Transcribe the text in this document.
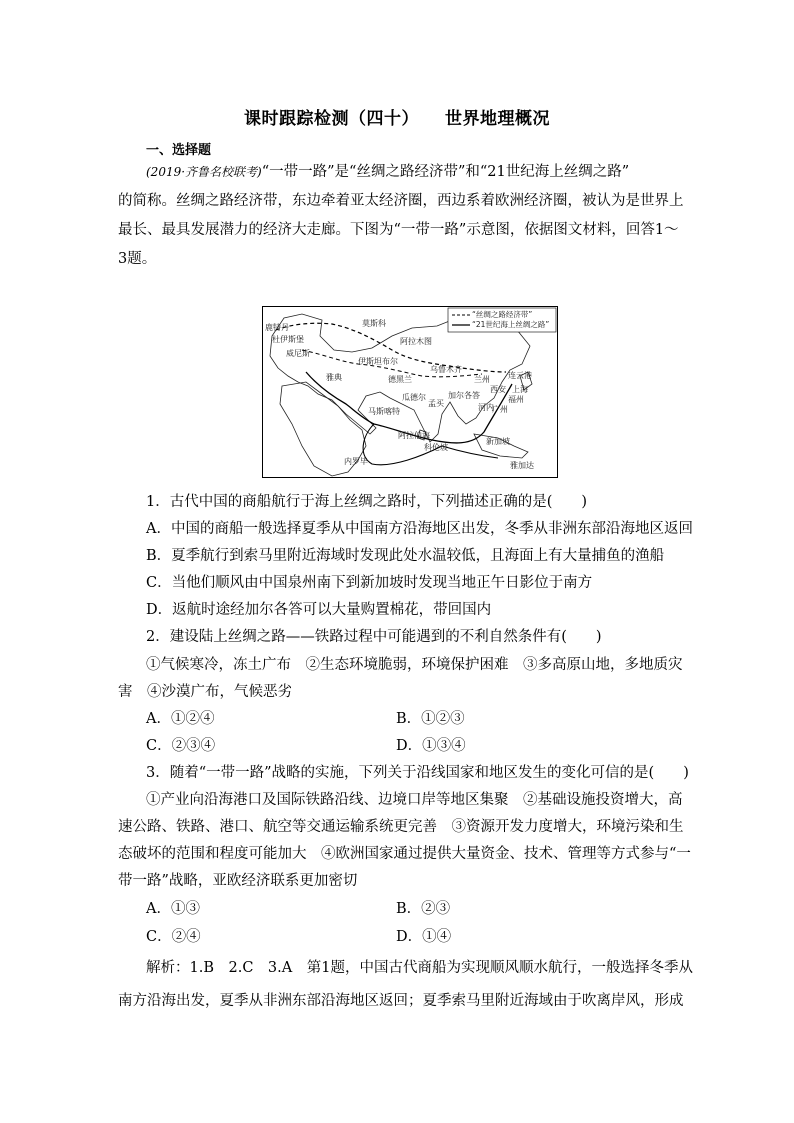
课时跟踪检测（四十） 世界地理概况
一、选择题
(2019·齐鲁名校联考)“一带一路”是“丝绸之路经济带”和“21世纪海上丝绸之路”
的简称。丝绸之路经济带，东边牵着亚太经济圈，西边系着欧洲经济圈，被认为是世界上
最长、最具发展潜力的经济大走廊。下图为“一带一路”示意图，依据图文材料，回答1～
3题。
“丝绸之路经济带”
“21世纪海上丝绸之路”
鹿特丹	莫斯科
杜伊斯堡
威尼斯
伊斯坦布尔
阿拉木图
乌鲁木齐
兰州 连云港
西安 上海
福州
广州
雅典	德黑兰
瓜德尔
孟买
加尔各答
河内
马斯喀特
阿拉伯海
科伦坡
新加坡
内罗毕	雅加达
1．古代中国的商船航行于海上丝绸之路时，下列描述正确的是(　　)
A．中国的商船一般选择夏季从中国南方沿海地区出发，冬季从非洲东部沿海地区返回
B．夏季航行到索马里附近海域时发现此处水温较低，且海面上有大量捕鱼的渔船
C．当他们顺风由中国泉州南下到新加坡时发现当地正午日影位于南方
D．返航时途经加尔各答可以大量购置棉花，带回国内
2．建设陆上丝绸之路——铁路过程中可能遇到的不利自然条件有(　　)
①气候寒冷，冻土广布　②生态环境脆弱，环境保护困难　③多高原山地，多地质灾
害　④沙漠广布，气候恶劣
A．①②④	B．①②③
C．②③④	D．①③④
3．随着“一带一路”战略的实施，下列关于沿线国家和地区发生的变化可信的是(　　)
①产业向沿海港口及国际铁路沿线、边境口岸等地区集聚　②基础设施投资增大，高
速公路、铁路、港口、航空等交通运输系统更完善　③资源开发力度增大，环境污染和生
态破坏的范围和程度可能加大　④欧洲国家通过提供大量资金、技术、管理等方式参与“一
带一路”战略，亚欧经济联系更加密切
A．①③	B．②③
C．②④	D．①④
解析：1.B　2.C　3.A　第1题，中国古代商船为实现顺风顺水航行，一般选择冬季从
南方沿海出发，夏季从非洲东部沿海地区返回；夏季索马里附近海域由于吹离岸风，形成
